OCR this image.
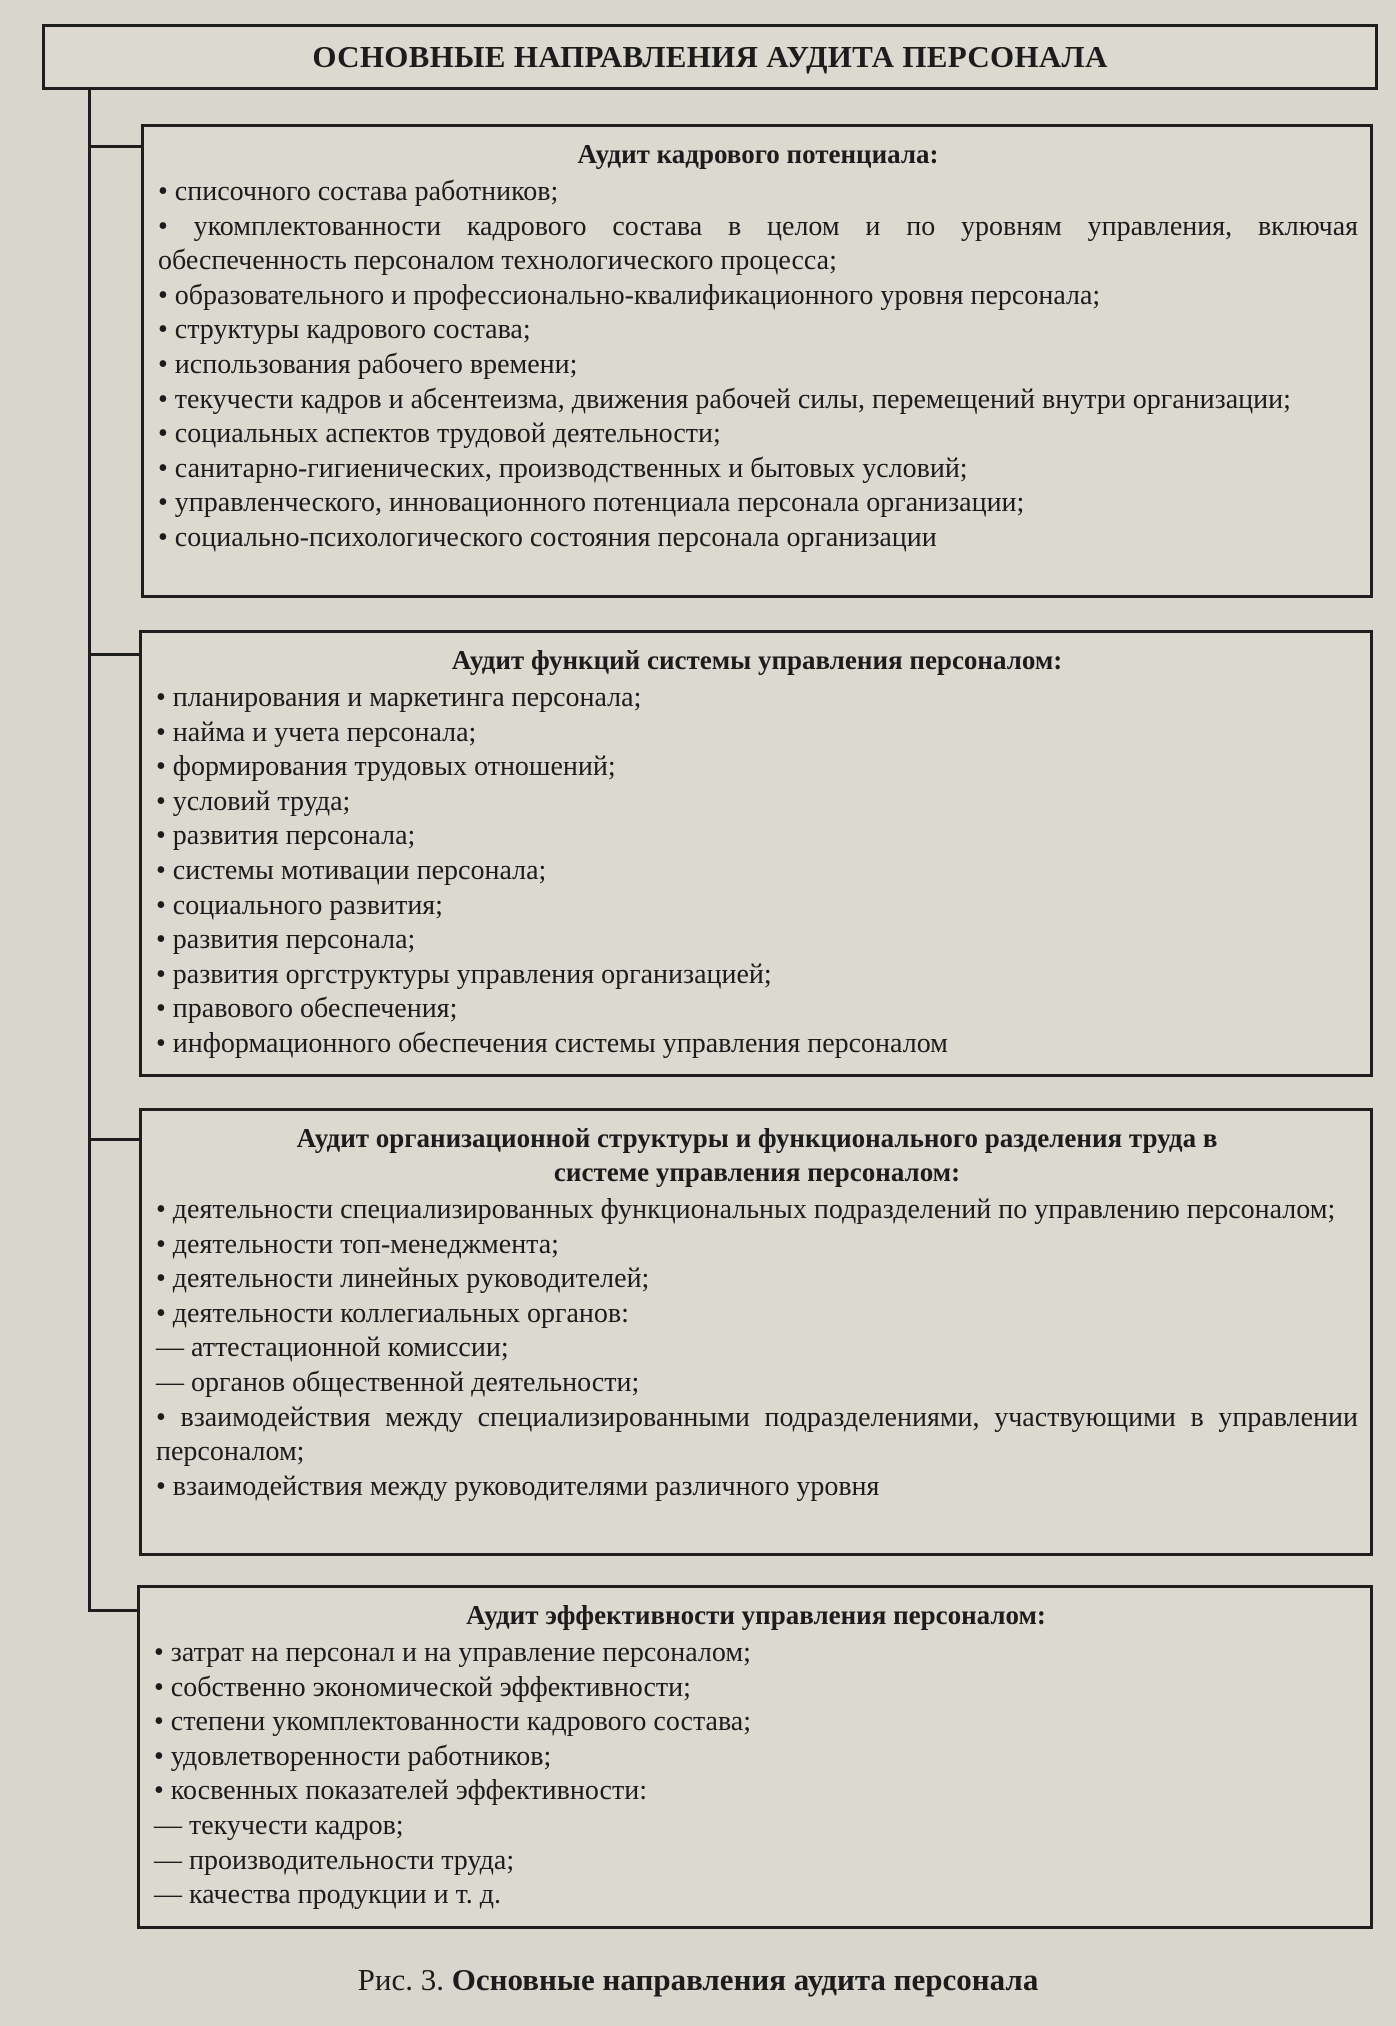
ОСНОВНЫЕ НАПРАВЛЕНИЯ АУДИТА ПЕРСОНАЛА
Аудит кадрового потенциала:
• списочного состава работников;
• укомплектованности кадрового состава в целом и по уровням управления, включая обеспеченность персоналом технологического процесса;
• образовательного и профессионально-квалификационного уровня персонала;
• структуры кадрового состава;
• использования рабочего времени;
• текучести кадров и абсентеизма, движения рабочей силы, перемещений внутри организации;
• социальных аспектов трудовой деятельности;
• санитарно-гигиенических, производственных и бытовых условий;
• управленческого, инновационного потенциала персонала организации;
• социально-психологического состояния персонала организации
Аудит функций системы управления персоналом:
• планирования и маркетинга персонала;
• найма и учета персонала;
• формирования трудовых отношений;
• условий труда;
• развития персонала;
• системы мотивации персонала;
• социального развития;
• развития персонала;
• развития оргструктуры управления организацией;
• правового обеспечения;
• информационного обеспечения системы управления персоналом
Аудит организационной структуры и функционального разделения труда в системе управления персоналом:
• деятельности специализированных функциональных подразделений по управлению персоналом;
• деятельности топ-менеджмента;
• деятельности линейных руководителей;
• деятельности коллегиальных органов:
— аттестационной комиссии;
— органов общественной деятельности;
• взаимодействия между специализированными подразделениями, участвующими в управлении персоналом;
• взаимодействия между руководителями различного уровня
Аудит эффективности управления персоналом:
• затрат на персонал и на управление персоналом;
• собственно экономической эффективности;
• степени укомплектованности кадрового состава;
• удовлетворенности работников;
• косвенных показателей эффективности:
— текучести кадров;
— производительности труда;
— качества продукции и т. д.
Рис. 3. Основные направления аудита персонала
